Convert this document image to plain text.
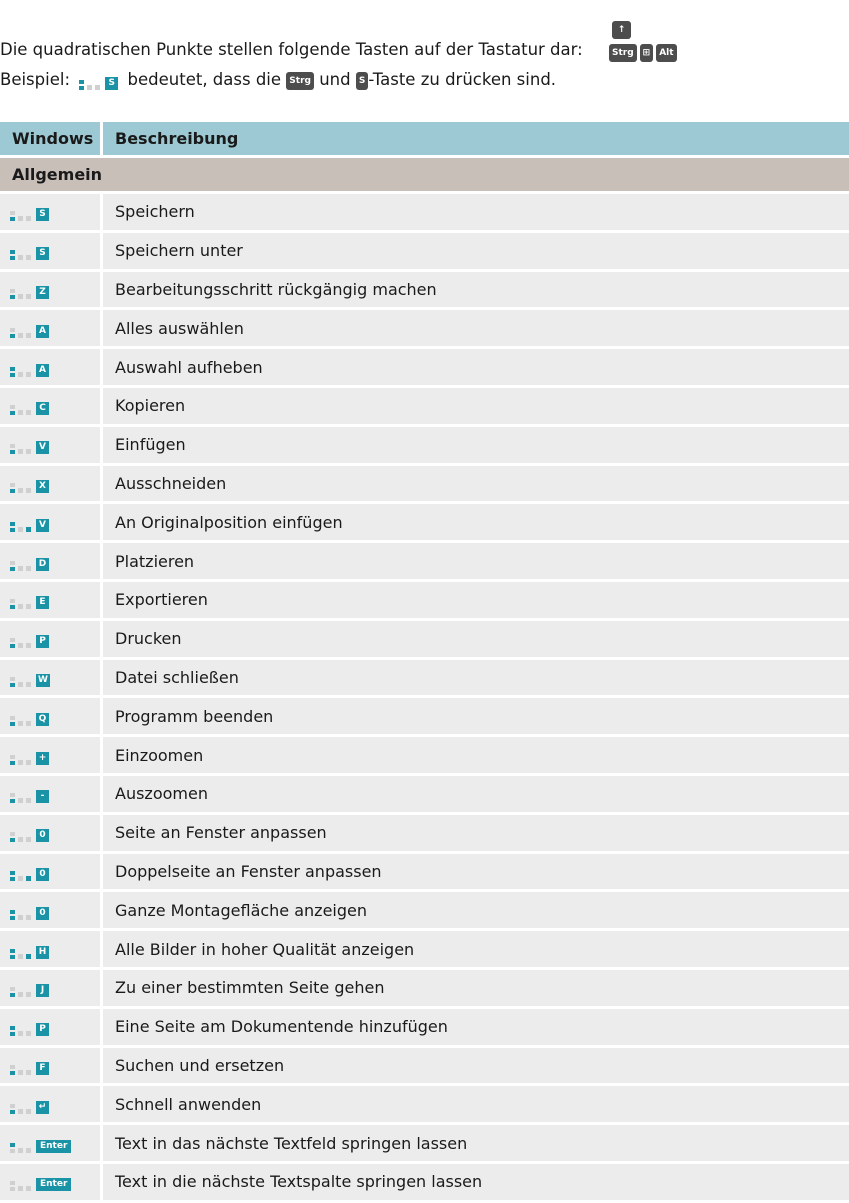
↑
Die quadratischen Punkte stellen folgende Tasten auf der Tastatur dar:	Strg ⊞ Alt
Beispiel:	S bedeutet, dass die Strg und S -Taste zu drücken sind.
Windows	Beschreibung
Allgemein	
S	Speichern
S	Speichern unter
Z	Bearbeitungsschritt rückgängig machen
A	Alles auswählen
A	Auswahl aufheben
C	Kopieren
V	Einfügen
X	Ausschneiden
V	An Originalposition einfügen
D	Platzieren
E	Exportieren
P	Drucken
W	Datei schließen
Q	Programm beenden
+	Einzoomen
-	Auszoomen
0	Seite an Fenster anpassen
0	Doppelseite an Fenster anpassen
0	Ganze Montagefläche anzeigen
H	Alle Bilder in hoher Qualität anzeigen
J	Zu einer bestimmten Seite gehen
P	Eine Seite am Dokumentende hinzufügen
F	Suchen und ersetzen
↵	Schnell anwenden
Enter	Text in das nächste Textfeld springen lassen
Enter	Text in die nächste Textspalte springen lassen
